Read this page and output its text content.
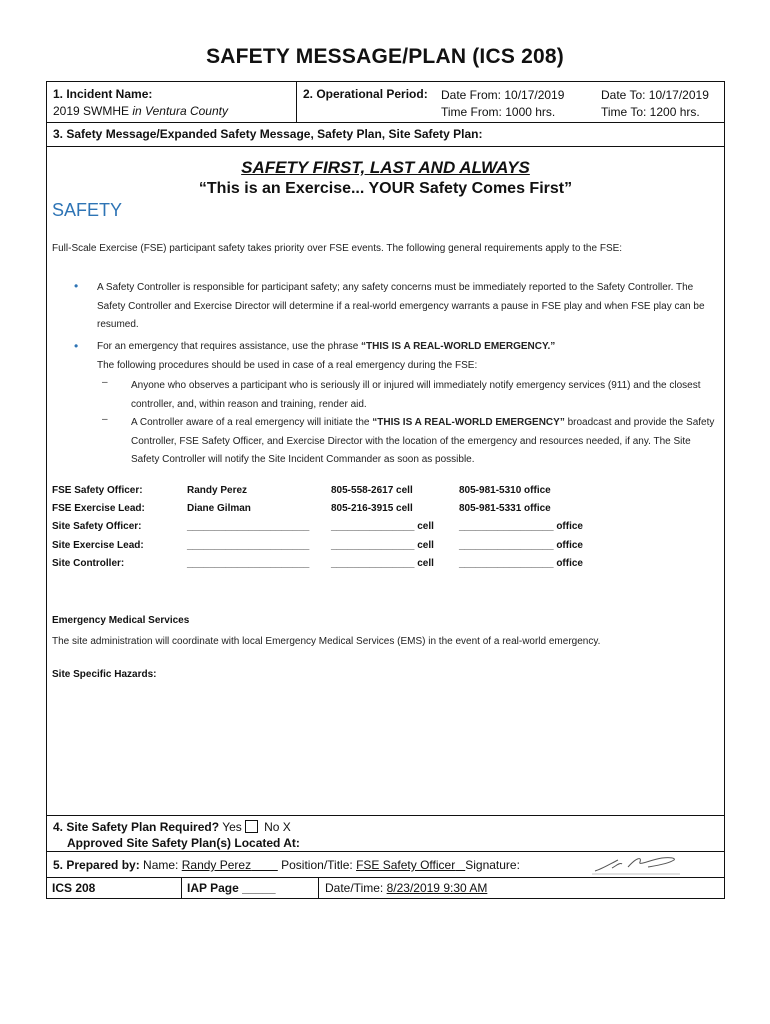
SAFETY MESSAGE/PLAN (ICS 208)
1. Incident Name:
2019 SWMHE in Ventura County
2. Operational Period: Date From: 10/17/2019
Time From: 1000 hrs.
Date To: 10/17/2019
Time To: 1200 hrs.
3. Safety Message/Expanded Safety Message, Safety Plan, Site Safety Plan:
SAFETY FIRST, LAST AND ALWAYS
“This is an Exercise... YOUR Safety Comes First”
SAFETY
Full-Scale Exercise (FSE) participant safety takes priority over FSE events. The following general requirements apply to the FSE:
• A Safety Controller is responsible for participant safety; any safety concerns must be immediately reported to the Safety Controller. The Safety Controller and Exercise Director will determine if a real-world emergency warrants a pause in FSE play and when FSE play can be resumed.
• For an emergency that requires assistance, use the phrase “THIS IS A REAL-WORLD EMERGENCY.”
The following procedures should be used in case of a real emergency during the FSE:
– Anyone who observes a participant who is seriously ill or injured will immediately notify emergency services (911) and the closest controller, and, within reason and training, render aid.
– A Controller aware of a real emergency will initiate the “THIS IS A REAL-WORLD EMERGENCY” broadcast and provide the Safety Controller, FSE Safety Officer, and Exercise Director with the location of the emergency and resources needed, if any. The Site Safety Controller will notify the Site Incident Commander as soon as possible.
FSE Safety Officer:	Randy Perez	805-558-2617 cell	805-981-5310 office
FSE Exercise Lead:	Diane Gilman	805-216-3915 cell	805-981-5331 office
Site Safety Officer:	______________________ _______________ cell	_________________ office
Site Exercise Lead:	______________________ _______________ cell	_________________ office
Site Controller:	______________________ _______________ cell	_________________ office
Emergency Medical Services
The site administration will coordinate with local Emergency Medical Services (EMS) in the event of a real-world emergency.
Site Specific Hazards:
4. Site Safety Plan Required? Yes No X
Approved Site Safety Plan(s) Located At:
5. Prepared by: Name: Randy Perez	Position/Title: FSE Safety Officer Signature:
ICS 208	IAP Page _____	Date/Time: 8/23/2019 9:30 AM
